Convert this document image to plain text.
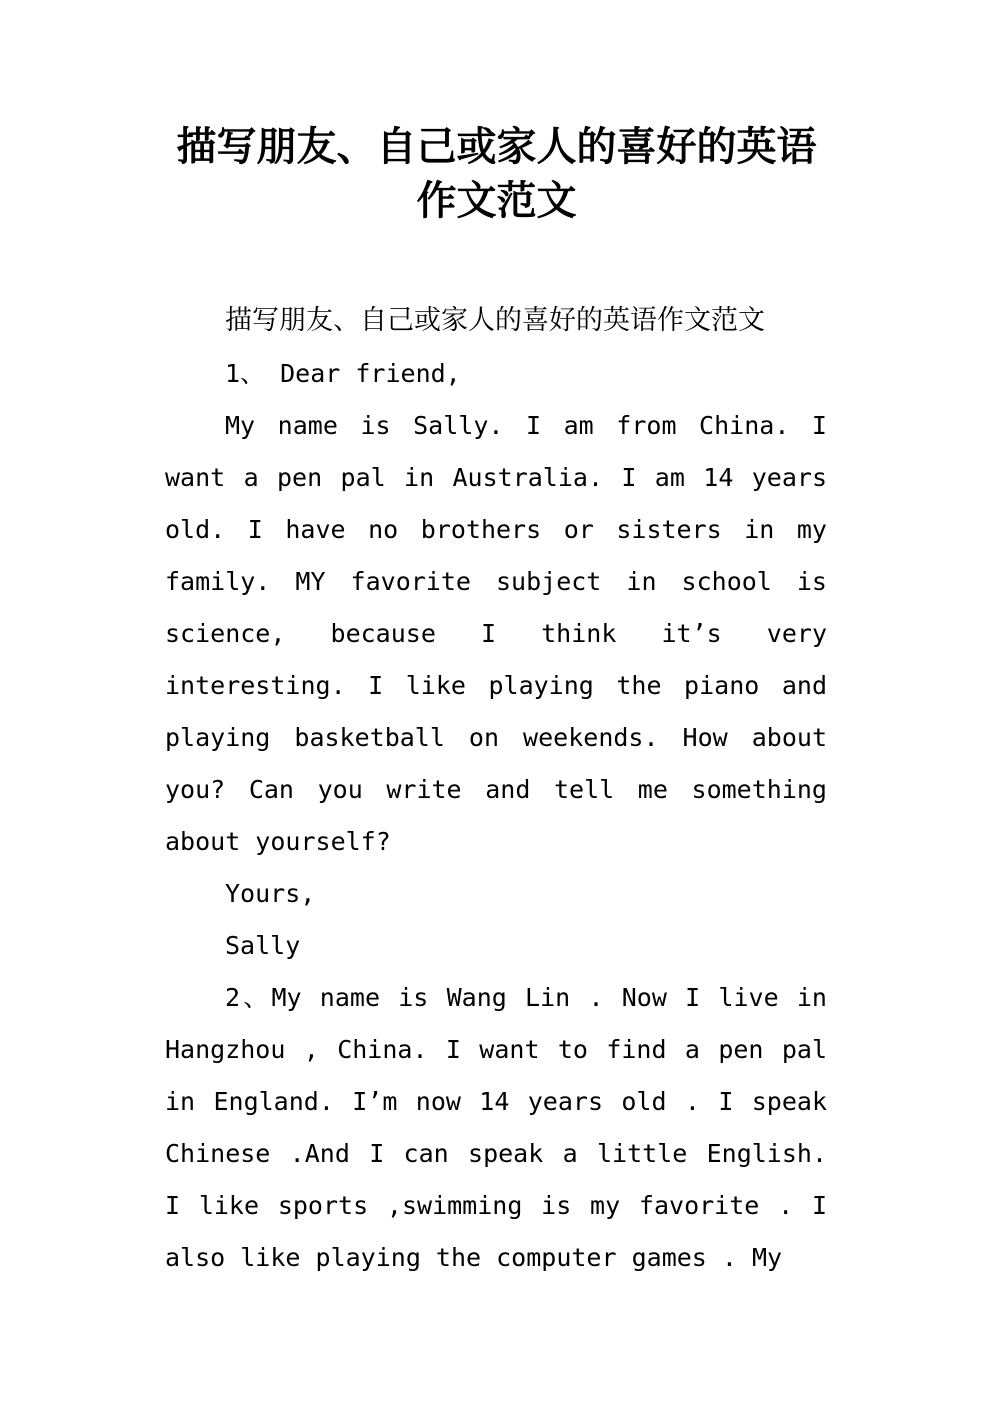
描写朋友、自己或家人的喜好的英语
作文范文

描写朋友、自己或家人的喜好的英语作文范文

1、 Dear friend,

My name is Sally. I am from China. I want a pen pal in Australia. I am 14 years old. I have no brothers or sisters in my family. MY favorite subject in school is science, because I think it’s very interesting. I like playing the piano and playing basketball on weekends. How about you? Can you write and tell me something about yourself?

Yours,

Sally

2、My name is Wang Lin . Now I live in Hangzhou , China. I want to find a pen pal in England. I’m now 14 years old . I speak Chinese .And I can speak a little English. I like sports ,swimming is my favorite . I also like playing the computer games . My
